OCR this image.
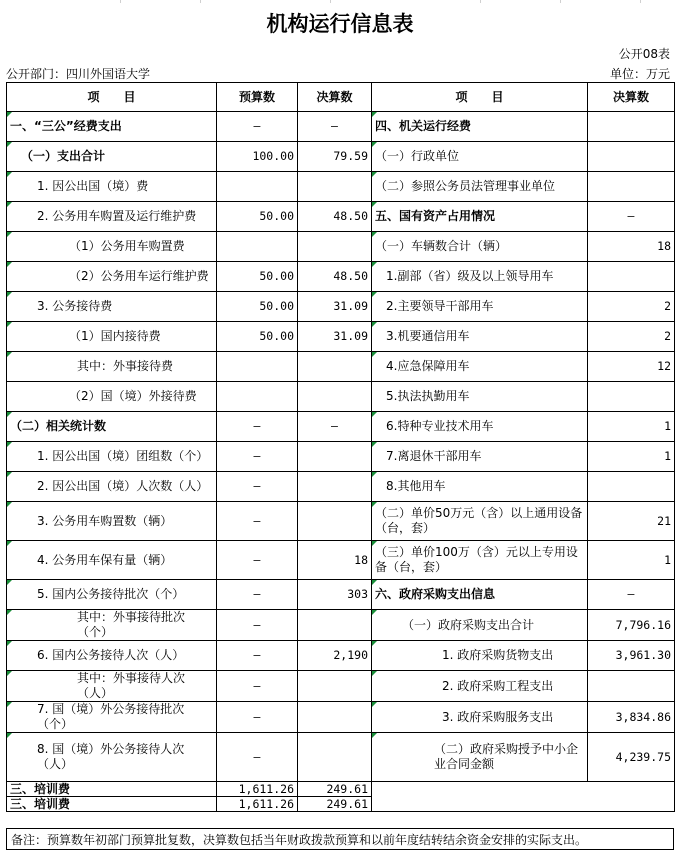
机构运行信息表
公开08表
公开部门：四川外国语大学	单位：万元
项　　目	预算数	决算数	项　　目	决算数
一、“三公”经费支出	—	—	四、机关运行经费	
（一）支出合计	100.00	79.59	（一）行政单位	
1. 因公出国（境）费			（二）参照公务员法管理事业单位	
2. 公务用车购置及运行维护费	50.00	48.50	五、国有资产占用情况	—
（1）公务用车购置费			（一）车辆数合计（辆）	18
（2）公务用车运行维护费	50.00	48.50	1.副部（省）级及以上领导用车	
3. 公务接待费	50.00	31.09	2.主要领导干部用车	2
（1）国内接待费	50.00	31.09	3.机要通信用车	2
其中：外事接待费			4.应急保障用车	12
（2）国（境）外接待费			5.执法执勤用车	
（二）相关统计数	—	—	6.特种专业技术用车	1
1. 因公出国（境）团组数（个）	—		7.离退休干部用车	1
2. 因公出国（境）人次数（人）	—		8.其他用车	
3. 公务用车购置数（辆）	—		（二）单价50万元（含）以上通用设备（台，套）	21
4. 公务用车保有量（辆）	—	18	（三）单价100万（含）元以上专用设备（台，套）	1
5. 国内公务接待批次（个）	—	303	六、政府采购支出信息	—
其中：外事接待批次（个）	—		（一）政府采购支出合计	7,796.16
6. 国内公务接待人次（人）	—	2,190	1. 政府采购货物支出	3,961.30
其中：外事接待人次（人）	—		2. 政府采购工程支出	
7. 国（境）外公务接待批次（个）	—		3. 政府采购服务支出	3,834.86
8. 国（境）外公务接待人次（人）	—		（二）政府采购授予中小企业合同金额	4,239.75
三、培训费	1,611.26	249.61		
三、培训费	1,611.26	249.61		
备注：预算数年初部门预算批复数，决算数包括当年财政拨款预算和以前年度结转结余资金安排的实际支出。
